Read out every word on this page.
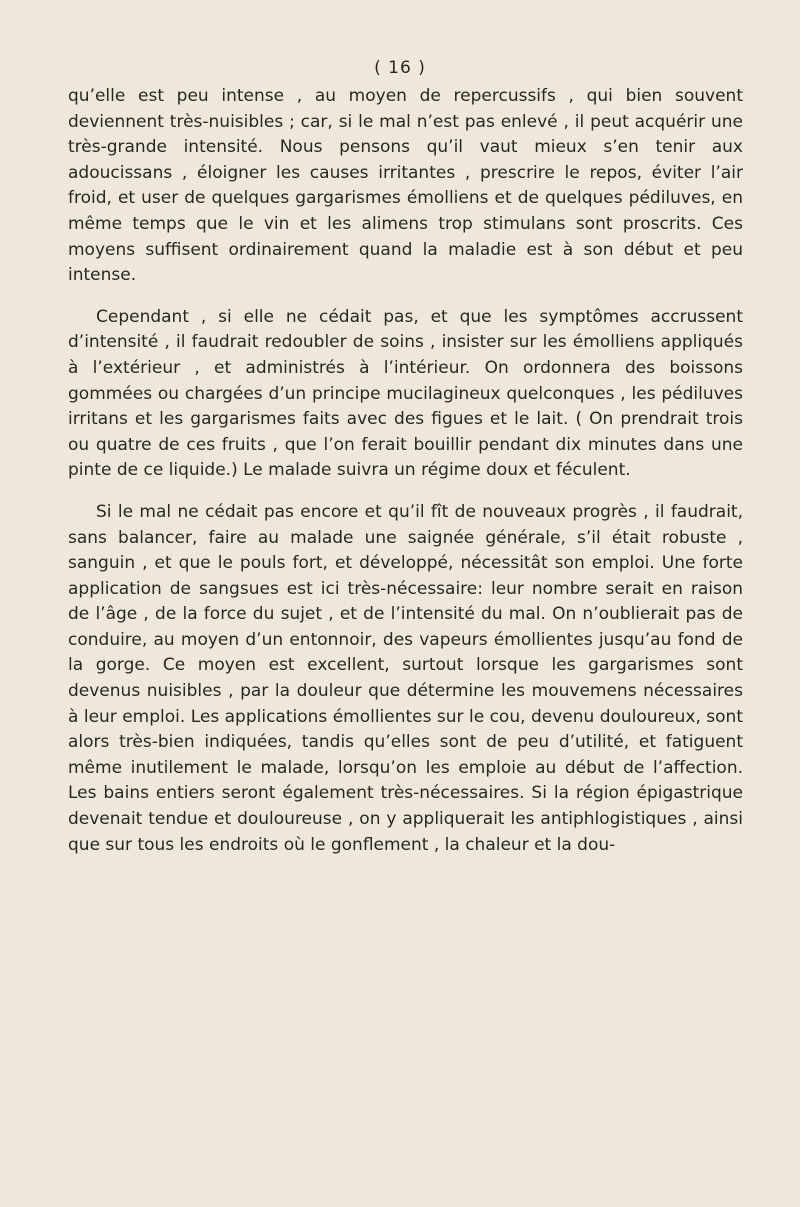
( 16 )

qu’elle est peu intense , au moyen de repercussifs , qui bien souvent deviennent très-nuisibles ; car, si le mal n’est pas enlevé , il peut acquérir une très-grande intensité. Nous pensons qu’il vaut mieux s’en tenir aux adoucissans , éloigner les causes irritantes , prescrire le repos, éviter l’air froid, et user de quelques gargarismes émolliens et de quelques pédiluves, en même temps que le vin et les alimens trop stimulans sont proscrits. Ces moyens suffisent ordinairement quand la maladie est à son début et peu intense.

Cependant , si elle ne cédait pas, et que les symptômes accrussent d’intensité , il faudrait redoubler de soins , insister sur les émolliens appliqués à l’extérieur , et administrés à l’intérieur. On ordonnera des boissons gommées ou chargées d’un principe mucilagineux quelconques , les pédiluves irritans et les gargarismes faits avec des figues et le lait. ( On prendrait trois ou quatre de ces fruits , que l’on ferait bouillir pendant dix minutes dans une pinte de ce liquide.) Le malade suivra un régime doux et féculent.

Si le mal ne cédait pas encore et qu’il fît de nouveaux progrès , il faudrait, sans balancer, faire au malade une saignée générale, s’il était robuste , sanguin , et que le pouls fort, et développé, nécessitât son emploi. Une forte application de sangsues est ici très-nécessaire: leur nombre serait en raison de l’âge , de la force du sujet , et de l’intensité du mal. On n’oublierait pas de conduire, au moyen d’un entonnoir, des vapeurs émollientes jusqu’au fond de la gorge. Ce moyen est excellent, surtout lorsque les gargarismes sont devenus nuisibles , par la douleur que détermine les mouvemens nécessaires à leur emploi. Les applications émollientes sur le cou, devenu douloureux, sont alors très-bien indiquées, tandis qu’elles sont de peu d’utilité, et fatiguent même inutilement le malade, lorsqu’on les emploie au début de l’affection. Les bains entiers seront également très-nécessaires. Si la région épigastrique devenait tendue et douloureuse , on y appliquerait les antiphlogistiques , ainsi que sur tous les endroits où le gonflement , la chaleur et la dou-
